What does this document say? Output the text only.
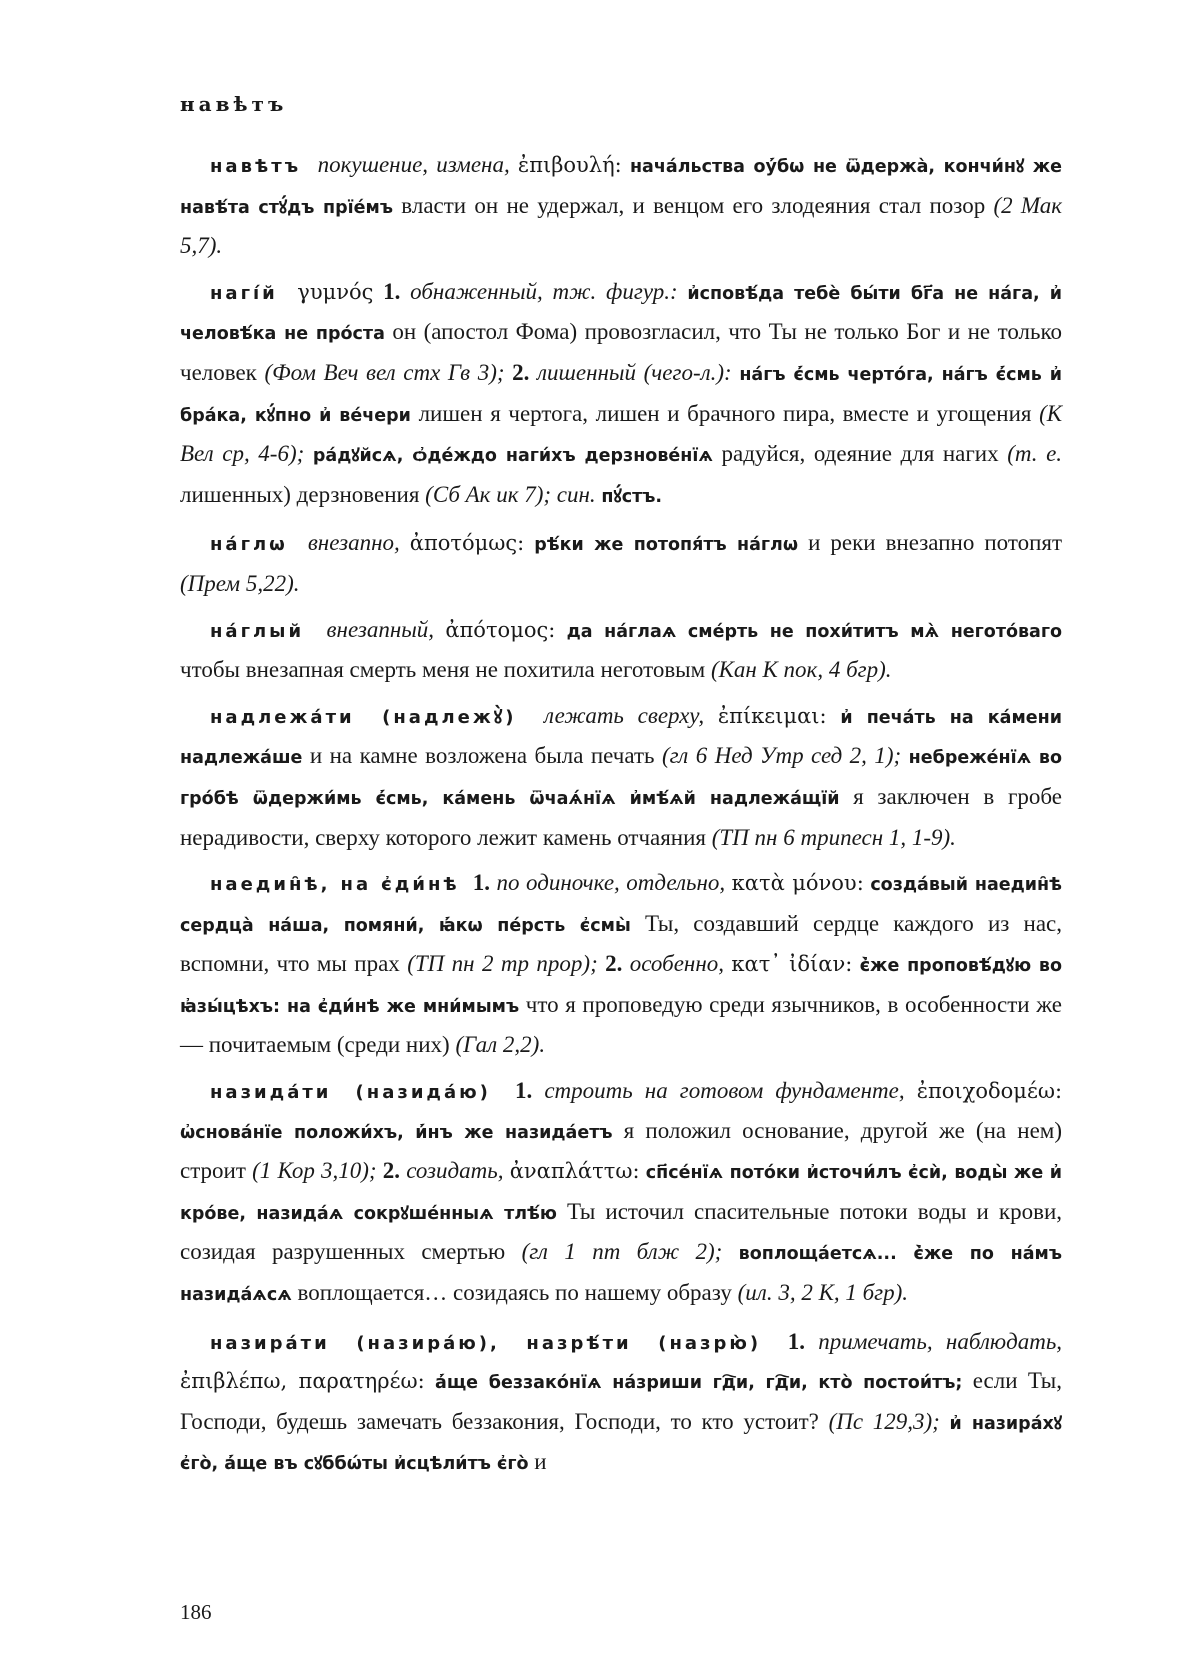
навѣтъ

навѣтъ покушение, измена, ἐπιβουλή: начáльства оу҆́бѡ не ѿдержà, кончи́нꙋ же навѣ́та стꙋ́дъ прїе́мъ власти он не удержал, и венцом его злодеяния стал позор (2 Мак 5,7).

нагíй γυμνός 1. обнаженный, тж. фигур.: и҆сповѣ́да тебѐ бы́ти бг҃а не нáга, и҆ человѣ́ка не прóста он (апостол Фома) провозгласил, что Ты не только Бог и не только человек (Фом Веч вел стх Гв 3); 2. лишенный (чего-л.): нáгъ є҆́смь черто́га, нáгъ є҆́смь и҆ бра́ка, кꙋ́пно и҆ ве́чери лишен я чертога, лишен и брачного пира, вместе и угощения (К Вел ср, 4-6); ра́дꙋйсѧ, ѻ҆де́ждо наги́хъ дерзнове́нїѧ радуйся, одеяние для нагих (т. е. лишенных) дерзновения (Сб Ак ик 7); син. пꙋ́стъ.

нáглѡ внезапно, ἀποτόμως: рѣ́ки же потопя́тъ нáглѡ и реки внезапно потопят (Прем 5,22).

нáглый внезапный, ἀπότομος: да нáглаѧ сме́рть не похи́титъ мѧ̀ негото́ваго чтобы внезапная смерть меня не похитила неготовым (Кан К пок, 4 бгр).

надлежáти (надлежꙋ̀) лежать сверху, ἐπίκειμαι: и҆ печáть на кáмени надлежáше и на камне возложена была печать (гл 6 Нед Утр сед 2, 1); небреже́нїѧ во гро́бѣ ѿдержи́мь є҆́смь, кáмень ѿчаѧ́нїѧ и҆мѣ́ѧй надлежа́щїй я заключен в гробе нерадивости, сверху которого лежит камень отчаяния (ТП пн 6 трипесн 1, 1-9).

наедин̑ѣ, на є҆ди́нѣ 1. по одиночке, отдельно, κατὰ μόνου: созда́вый наедин̑ѣ сердцà нáша, помяни́, ꙗ҆́кѡ пе́рсть є҆смы̀ Ты, создавший сердце каждого из нас, вспомни, что мы прах (ТП пн 2 тр прор); 2. особенно, κατ᾽ ἰδίαν: є҆̀же проповѣ́дꙋю во ꙗ҆зы́цѣхъ: на є҆ди́нѣ же мни́мымъ что я проповедую среди язычников, в особенности же — почитаемым (среди них) (Гал 2,2).

назидáти (назидáю) 1. строить на готовом фундаменте, ἐποιχοδομέω: ѡ҆снова́нїе положи́хъ, и҆́нъ же назидáетъ я положил основание, другой же (на нем) строит (1 Кор 3,10); 2. созидать, ἀναπλάττω: сп҃се́нїѧ пото́ки и҆сточи́лъ є҆сѝ, воды̀ же и҆ кро́ве, назидáѧ сокрꙋше́нныѧ тлѣ́ю Ты источил спасительные потоки воды и крови, созидая разрушенных смертью (гл 1 пт блж 2); воплоща́етсѧ... є҆̀же по нáмъ назидáѧсѧ воплощается… созидаясь по нашему образу (ил. 3, 2 К, 1 бгр).

назирáти (назирáю), назрѣ́ти (назрю̀) 1. примечать, наблюдать, ἐπιβλέπω, παρατηρέω: а҆́ще беззако́нїѧ на́зриши гд҇и, гд҇и, кто̀ постои́тъ; если Ты, Господи, будешь замечать беззакония, Господи, то кто устоит? (Пс 129,3); и҆ назирáхꙋ є҆го̀, а҆́ще въ сꙋббѡ́ты и҆сцѣли́тъ є҆го̀ и

186
